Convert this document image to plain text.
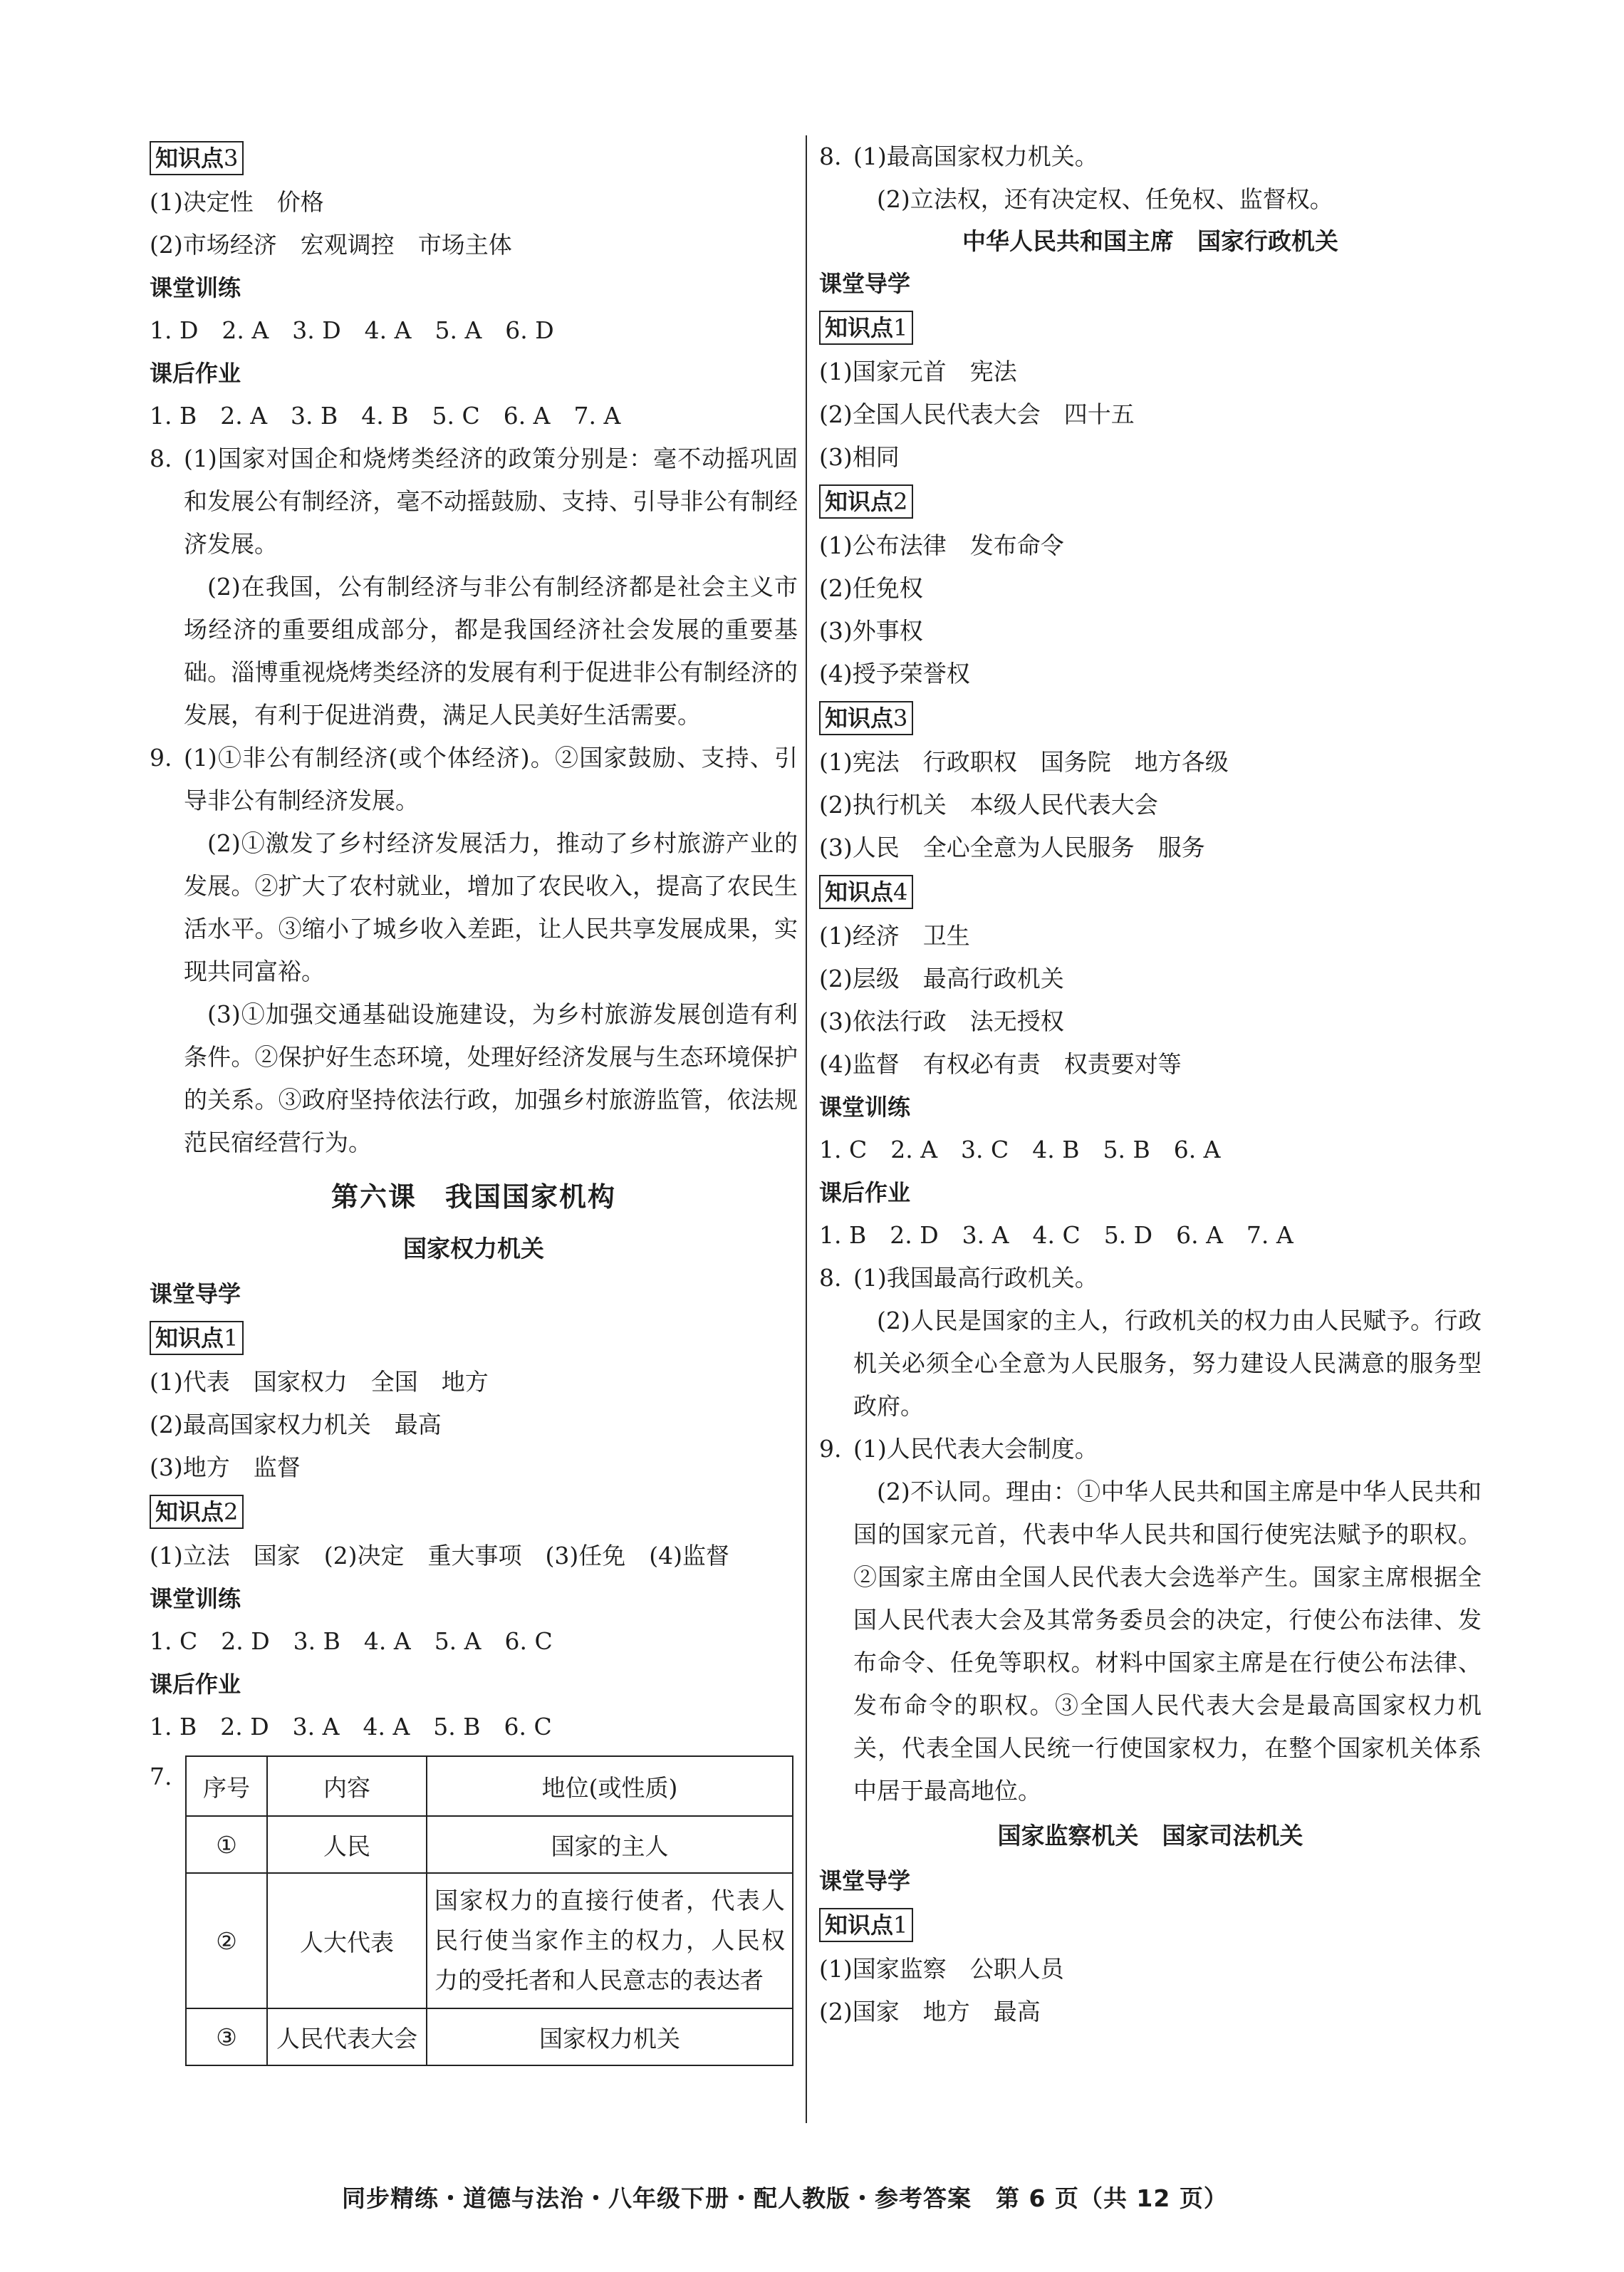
知识点3
(1)决定性　价格
(2)市场经济　宏观调控　市场主体
课堂训练
1. D　2. A　3. D　4. A　5. A　6. D
课后作业
1. B　2. A　3. B　4. B　5. C　6. A　7. A
8. (1)国家对国企和烧烤类经济的政策分别是：毫不动摇巩固和发展公有制经济，毫不动摇鼓励、支持、引导非公有制经济发展。
(2)在我国，公有制经济与非公有制经济都是社会主义市场经济的重要组成部分，都是我国经济社会发展的重要基础。淄博重视烧烤类经济的发展有利于促进非公有制经济的发展，有利于促进消费，满足人民美好生活需要。
9. (1)①非公有制经济(或个体经济)。②国家鼓励、支持、引导非公有制经济发展。
(2)①激发了乡村经济发展活力，推动了乡村旅游产业的发展。②扩大了农村就业，增加了农民收入，提高了农民生活水平。③缩小了城乡收入差距，让人民共享发展成果，实现共同富裕。
(3)①加强交通基础设施建设，为乡村旅游发展创造有利条件。②保护好生态环境，处理好经济发展与生态环境保护的关系。③政府坚持依法行政，加强乡村旅游监管，依法规范民宿经营行为。
第六课　我国国家机构
国家权力机关
课堂导学
知识点1
(1)代表　国家权力　全国　地方
(2)最高国家权力机关　最高
(3)地方　监督
知识点2
(1)立法　国家　(2)决定　重大事项　(3)任免　(4)监督
课堂训练
1. C　2. D　3. B　4. A　5. A　6. C
课后作业
1. B　2. D　3. A　4. A　5. B　6. C
7. 序号	内容	地位(或性质)
①	人民	国家的主人
②	人大代表	国家权力的直接行使者，代表人民行使当家作主的权力，人民权力的受托者和人民意志的表达者
③	人民代表大会	国家权力机关
8. (1)最高国家权力机关。
(2)立法权，还有决定权、任免权、监督权。
中华人民共和国主席　国家行政机关
课堂导学
知识点1
(1)国家元首　宪法
(2)全国人民代表大会　四十五
(3)相同
知识点2
(1)公布法律　发布命令
(2)任免权
(3)外事权
(4)授予荣誉权
知识点3
(1)宪法　行政职权　国务院　地方各级
(2)执行机关　本级人民代表大会
(3)人民　全心全意为人民服务　服务
知识点4
(1)经济　卫生
(2)层级　最高行政机关
(3)依法行政　法无授权
(4)监督　有权必有责　权责要对等
课堂训练
1. C　2. A　3. C　4. B　5. B　6. A
课后作业
1. B　2. D　3. A　4. C　5. D　6. A　7. A
8. (1)我国最高行政机关。
(2)人民是国家的主人，行政机关的权力由人民赋予。行政机关必须全心全意为人民服务，努力建设人民满意的服务型政府。
9. (1)人民代表大会制度。
(2)不认同。理由：①中华人民共和国主席是中华人民共和国的国家元首，代表中华人民共和国行使宪法赋予的职权。②国家主席由全国人民代表大会选举产生。国家主席根据全国人民代表大会及其常务委员会的决定，行使公布法律、发布命令、任免等职权。材料中国家主席是在行使公布法律、发布命令的职权。③全国人民代表大会是最高国家权力机关，代表全国人民统一行使国家权力，在整个国家机关体系中居于最高地位。
国家监察机关　国家司法机关
课堂导学
知识点1
(1)国家监察　公职人员
(2)国家　地方　最高
同步精练・道德与法治・八年级下册・配人教版・参考答案　第 6 页（共 12 页）
